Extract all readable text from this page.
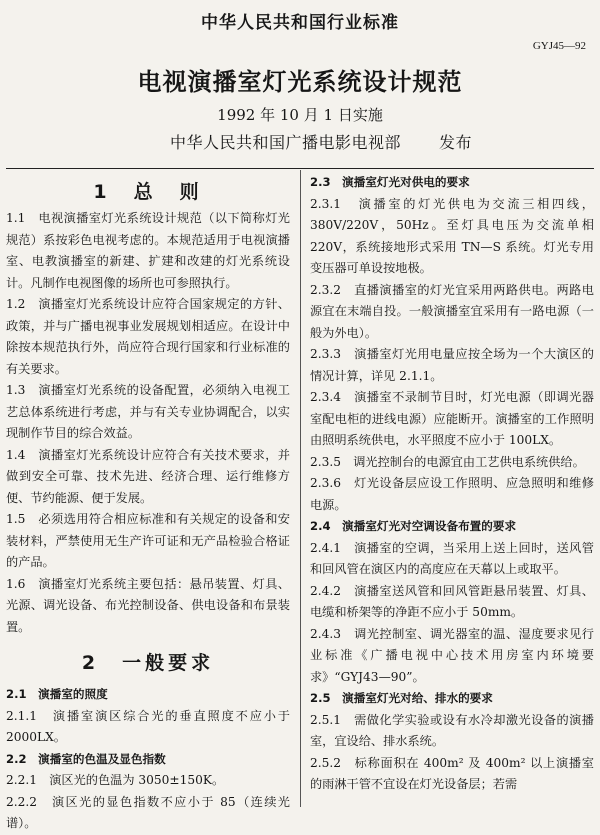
中华人民共和国行业标准
GYJ45—92
电视演播室灯光系统设计规范
1992 年 10 月 1 日实施
中华人民共和国广播电影电视部 发布
1　总　则

1.1　电视演播室灯光系统设计规范（以下简称灯光规范）系按彩色电视考虑的。本规范适用于电视演播室、电教演播室的新建、扩建和改建的灯光系统设计。凡制作电视图像的场所也可参照执行。

1.2　演播室灯光系统设计应符合国家规定的方针、政策，并与广播电视事业发展规划相适应。在设计中除按本规范执行外，尚应符合现行国家和行业标准的有关要求。

1.3　演播室灯光系统的设备配置，必须纳入电视工艺总体系统进行考虑，并与有关专业协调配合，以实现制作节目的综合效益。

1.4　演播室灯光系统设计应符合有关技术要求，并做到安全可靠、技术先进、经济合理、运行维修方便、节约能源、便于发展。

1.5　必须选用符合相应标准和有关规定的设备和安装材料，严禁使用无生产许可证和无产品检验合格证的产品。

1.6　演播室灯光系统主要包括：悬吊装置、灯具、光源、调光设备、布光控制设备、供电设备和布景装置。

2　一般要求

2.1　演播室的照度

2.1.1　演播室演区综合光的垂直照度不应小于 2000LX。

2.2　演播室的色温及显色指数

2.2.1　演区光的色温为 3050±150K。

2.2.2　演区光的显色指数不应小于 85（连续光谱）。

2.3　演播室灯光对供电的要求

2.3.1　演播室的灯光供电为交流三相四线，380V/220V，50Hz。至灯具电压为交流单相 220V，系统接地形式采用 TN—S 系统。灯光专用变压器可单设按地极。

2.3.2　直播演播室的灯光宜采用两路供电。两路电源宜在末端自投。一般演播室宜采用有一路电源（一般为外电）。

2.3.3　演播室灯光用电量应按全场为一个大演区的情况计算，详见 2.1.1。

2.3.4　演播室不录制节目时，灯光电源（即调光器室配电柜的进线电源）应能断开。演播室的工作照明由照明系统供电，水平照度不应小于 100LX。

2.3.5　调光控制台的电源宜由工艺供电系统供给。

2.3.6　灯光设备层应设工作照明、应急照明和维修电源。

2.4　演播室灯光对空调设备布置的要求

2.4.1　演播室的空调，当采用上送上回时，送风管和回风管在演区内的高度应在天幕以上或取平。

2.4.2　演播室送风管和回风管距悬吊装置、灯具、电缆和桥架等的净距不应小于 50mm。

2.4.3　调光控制室、调光器室的温、湿度要求见行业标准《广播电视中心技术用房室内环境要求》“GYJ43—90”。

2.5　演播室灯光对给、排水的要求

2.5.1　需做化学实验或设有水冷却激光设备的演播室，宜设给、排水系统。

2.5.2　标称面积在 400m² 及 400m² 以上演播室的雨淋干管不宜设在灯光设备层；若需
